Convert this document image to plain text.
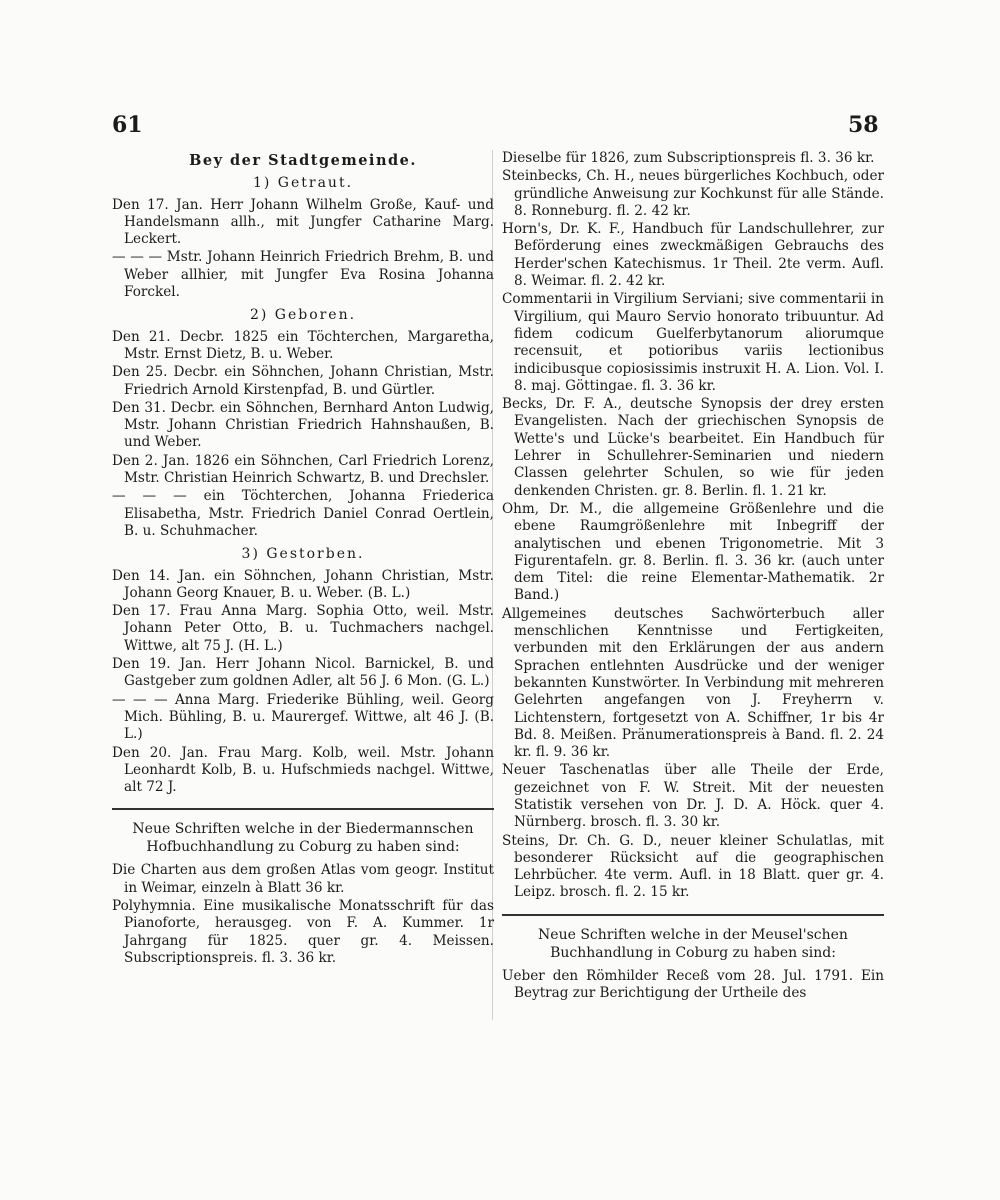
61	58
Bey der Stadtgemeinde.
1) Getraut.
Den 17. Jan. Herr Johann Wilhelm Große, Kauf- und Handelsmann allh., mit Jungfer Catharine Marg. Leckert.
— — — Mstr. Johann Heinrich Friedrich Brehm, B. und Weber allhier, mit Jungfer Eva Rosina Johanna Forckel.
2) Geboren.
Den 21. Decbr. 1825 ein Töchterchen, Margaretha, Mstr. Ernst Dietz, B. u. Weber.
Den 25. Decbr. ein Söhnchen, Johann Christian, Mstr. Friedrich Arnold Kirstenpfad, B. und Gürtler.
Den 31. Decbr. ein Söhnchen, Bernhard Anton Ludwig, Mstr. Johann Christian Friedrich Hahnshaußen, B. und Weber.
Den 2. Jan. 1826 ein Söhnchen, Carl Friedrich Lorenz, Mstr. Christian Heinrich Schwartz, B. und Drechsler.
— — — ein Töchterchen, Johanna Friederica Elisabetha, Mstr. Friedrich Daniel Conrad Oertlein, B. u. Schuhmacher.
3) Gestorben.
Den 14. Jan. ein Söhnchen, Johann Christian, Mstr. Johann Georg Knauer, B. u. Weber. (B. L.)
Den 17. Frau Anna Marg. Sophia Otto, weil. Mstr. Johann Peter Otto, B. u. Tuchmachers nachgel. Wittwe, alt 75 J. (H. L.)
Den 19. Jan. Herr Johann Nicol. Barnickel, B. und Gastgeber zum goldnen Adler, alt 56 J. 6 Mon. (G. L.)
— — — Anna Marg. Friederike Bühling, weil. Georg Mich. Bühling, B. u. Maurergef. Wittwe, alt 46 J. (B. L.)
Den 20. Jan. Frau Marg. Kolb, weil. Mstr. Johann Leonhardt Kolb, B. u. Hufschmieds nachgel. Wittwe, alt 72 J.
Neue Schriften welche in der Biedermannschen Hofbuchhandlung zu Coburg zu haben sind:
Die Charten aus dem großen Atlas vom geogr. Institut in Weimar, einzeln à Blatt 36 kr.
Polyhymnia. Eine musikalische Monatsschrift für das Pianoforte, herausgeg. von F. A. Kummer. 1r Jahrgang für 1825. quer gr. 4. Meissen. Subscriptionspreis. fl. 3. 36 kr.
Dieselbe für 1826, zum Subscriptionspreis fl. 3. 36 kr.
Steinbecks, Ch. H., neues bürgerliches Kochbuch, oder gründliche Anweisung zur Kochkunst für alle Stände. 8. Ronneburg. fl. 2. 42 kr.
Horn's, Dr. K. F., Handbuch für Landschullehrer, zur Beförderung eines zweckmäßigen Gebrauchs des Herder'schen Katechismus. 1r Theil. 2te verm. Aufl. 8. Weimar. fl. 2. 42 kr.
Commentarii in Virgilium Serviani; sive commentarii in Virgilium, qui Mauro Servio honorato tribuuntur. Ad fidem codicum Guelferbytanorum aliorumque recensuit, et potioribus variis lectionibus indicibusque copiosissimis instruxit H. A. Lion. Vol. I. 8. maj. Göttingae. fl. 3. 36 kr.
Becks, Dr. F. A., deutsche Synopsis der drey ersten Evangelisten. Nach der griechischen Synopsis de Wette's und Lücke's bearbeitet. Ein Handbuch für Lehrer in Schullehrer-Seminarien und niedern Classen gelehrter Schulen, so wie für jeden denkenden Christen. gr. 8. Berlin. fl. 1. 21 kr.
Ohm, Dr. M., die allgemeine Größenlehre und die ebene Raumgrößenlehre mit Inbegriff der analytischen und ebenen Trigonometrie. Mit 3 Figurentafeln. gr. 8. Berlin. fl. 3. 36 kr. (auch unter dem Titel: die reine Elementar-Mathematik. 2r Band.)
Allgemeines deutsches Sachwörterbuch aller menschlichen Kenntnisse und Fertigkeiten, verbunden mit den Erklärungen der aus andern Sprachen entlehnten Ausdrücke und der weniger bekannten Kunstwörter. In Verbindung mit mehreren Gelehrten angefangen von J. Freyherrn v. Lichtenstern, fortgesetzt von A. Schiffner, 1r bis 4r Bd. 8. Meißen. Pränumerationspreis à Band. fl. 2. 24 kr. fl. 9. 36 kr.
Neuer Taschenatlas über alle Theile der Erde, gezeichnet von F. W. Streit. Mit der neuesten Statistik versehen von Dr. J. D. A. Höck. quer 4. Nürnberg. brosch. fl. 3. 30 kr.
Steins, Dr. Ch. G. D., neuer kleiner Schulatlas, mit besonderer Rücksicht auf die geographischen Lehrbücher. 4te verm. Aufl. in 18 Blatt. quer gr. 4. Leipz. brosch. fl. 2. 15 kr.
Neue Schriften welche in der Meusel'schen Buchhandlung in Coburg zu haben sind:
Ueber den Römhilder Receß vom 28. Jul. 1791. Ein Beytrag zur Berichtigung der Urtheile des
